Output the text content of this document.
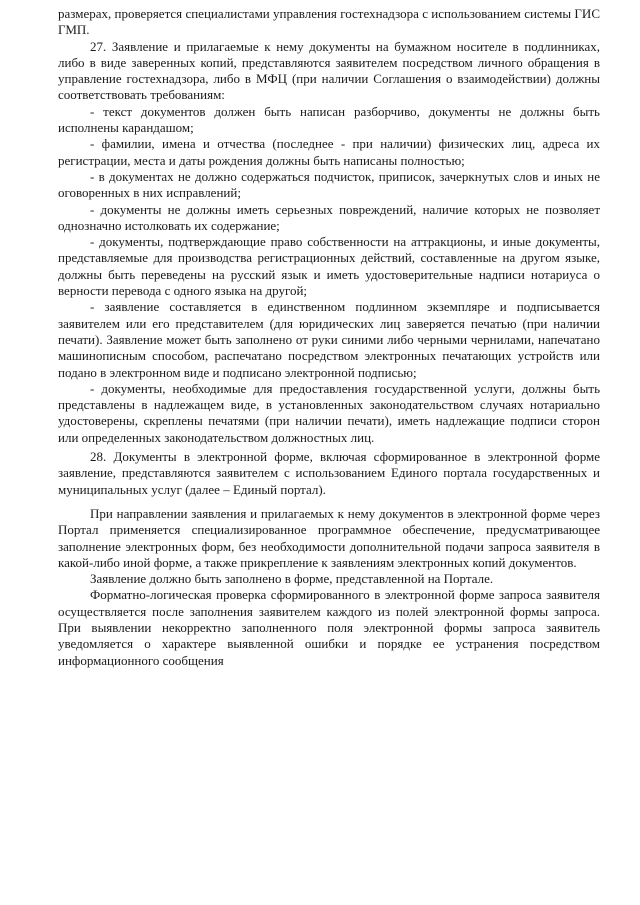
размерах, проверяется специалистами управления гостехнадзора с использованием системы ГИС ГМП.

27. Заявление и прилагаемые к нему документы на бумажном носителе в подлинниках, либо в виде заверенных копий, представляются заявителем посредством личного обращения в управление гостехнадзора, либо в МФЦ (при наличии Соглашения о взаимодействии) должны соответствовать требованиям:

- текст документов должен быть написан разборчиво, документы не должны быть исполнены карандашом;

- фамилии, имена и отчества (последнее - при наличии) физических лиц, адреса их регистрации, места и даты рождения должны быть написаны полностью;

- в документах не должно содержаться подчисток, приписок, зачеркнутых слов и иных не оговоренных в них исправлений;

- документы не должны иметь серьезных повреждений, наличие которых не позволяет однозначно истолковать их содержание;

- документы, подтверждающие право собственности на аттракционы, и иные документы, представляемые для производства регистрационных действий, составленные на другом языке, должны быть переведены на русский язык и иметь удостоверительные надписи нотариуса о верности перевода с одного языка на другой;

- заявление составляется в единственном подлинном экземпляре и подписывается заявителем или его представителем (для юридических лиц заверяется печатью (при наличии печати). Заявление может быть заполнено от руки синими либо черными чернилами, напечатано машинописным способом, распечатано посредством электронных печатающих устройств или подано в электронном виде и подписано электронной подписью;

- документы, необходимые для предоставления государственной услуги, должны быть представлены в надлежащем виде, в установленных законодательством случаях нотариально удостоверены, скреплены печатями (при наличии печати), иметь надлежащие подписи сторон или определенных законодательством должностных лиц.

28. Документы в электронной форме, включая сформированное в электронной форме заявление, представляются заявителем с использованием Единого портала государственных и муниципальных услуг (далее – Единый портал).

При направлении заявления и прилагаемых к нему документов в электронной форме через Портал применяется специализированное программное обеспечение, предусматривающее заполнение электронных форм, без необходимости дополнительной подачи запроса заявителя в какой-либо иной форме, а также прикрепление к заявлениям электронных копий документов.

Заявление должно быть заполнено в форме, представленной на Портале.

Форматно-логическая проверка сформированного в электронной форме запроса заявителя осуществляется после заполнения заявителем каждого из полей электронной формы запроса. При выявлении некорректно заполненного поля электронной формы запроса заявитель уведомляется о характере выявленной ошибки и порядке ее устранения посредством информационного сообщения
